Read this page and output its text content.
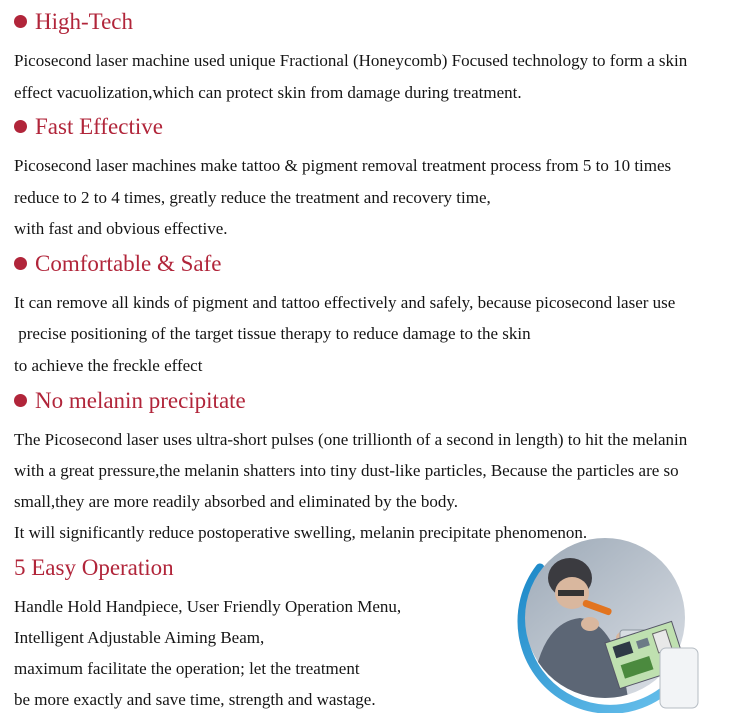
High-Tech
Picosecond laser machine used unique Fractional (Honeycomb) Focused technology to form a skin
effect vacuolization,which can protect skin from damage during treatment.
Fast Effective
Picosecond laser machines make tattoo & pigment removal treatment process from 5 to 10 times
reduce to 2 to 4 times, greatly reduce the treatment and recovery time,
with fast and obvious effective.
Comfortable & Safe
It can remove all kinds of pigment and tattoo effectively and safely, because picosecond laser use
precise positioning of the target tissue therapy to reduce damage to the skin
to achieve the freckle effect
No melanin precipitate
The Picosecond laser uses ultra-short pulses (one trillionth of a second in length) to hit the melanin
with a great pressure,the melanin shatters into tiny dust-like particles, Because the particles are so
small,they are more readily absorbed and eliminated by the body.
It will significantly reduce postoperative swelling, melanin precipitate phenomenon.
5 Easy Operation
Handle Hold Handpiece, User Friendly Operation Menu,
Intelligent Adjustable Aiming Beam,
maximum facilitate the operation; let the treatment
be more exactly and save time, strength and wastage.
